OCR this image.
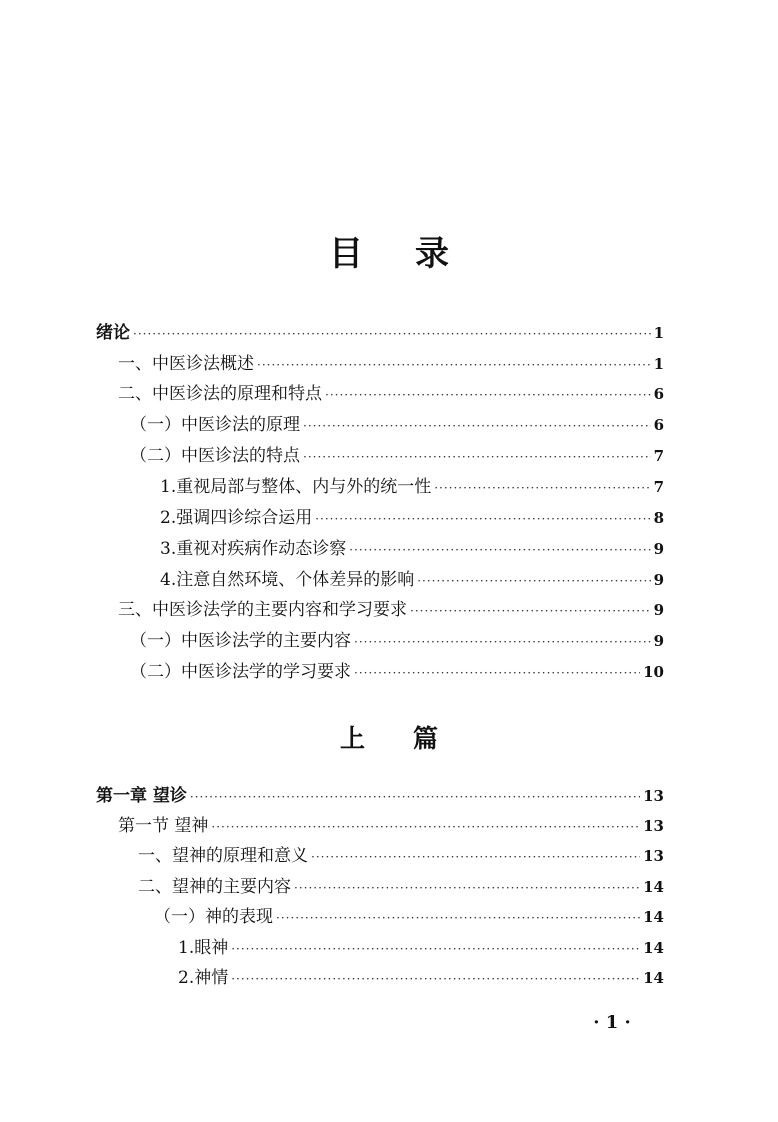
目 录
绪论 ·····	1
一、中医诊法概述 ·····	1
二、中医诊法的原理和特点 ·····	6
（一）中医诊法的原理 ·····	6
（二）中医诊法的特点 ·····	7
1.重视局部与整体、内与外的统一性 ·····	7
2.强调四诊综合运用 ·····	8
3.重视对疾病作动态诊察 ·····	9
4.注意自然环境、个体差异的影响 ·····	9
三、中医诊法学的主要内容和学习要求 ·····	9
（一）中医诊法学的主要内容 ·····	9
（二）中医诊法学的学习要求 ·····	10
上 篇
第一章 望诊 ·····	13
第一节 望神 ·····	13
一、望神的原理和意义 ·····	13
二、望神的主要内容 ·····	14
（一）神的表现 ·····	14
1.眼神 ·····	14
2.神情 ·····	14
· 1 ·
